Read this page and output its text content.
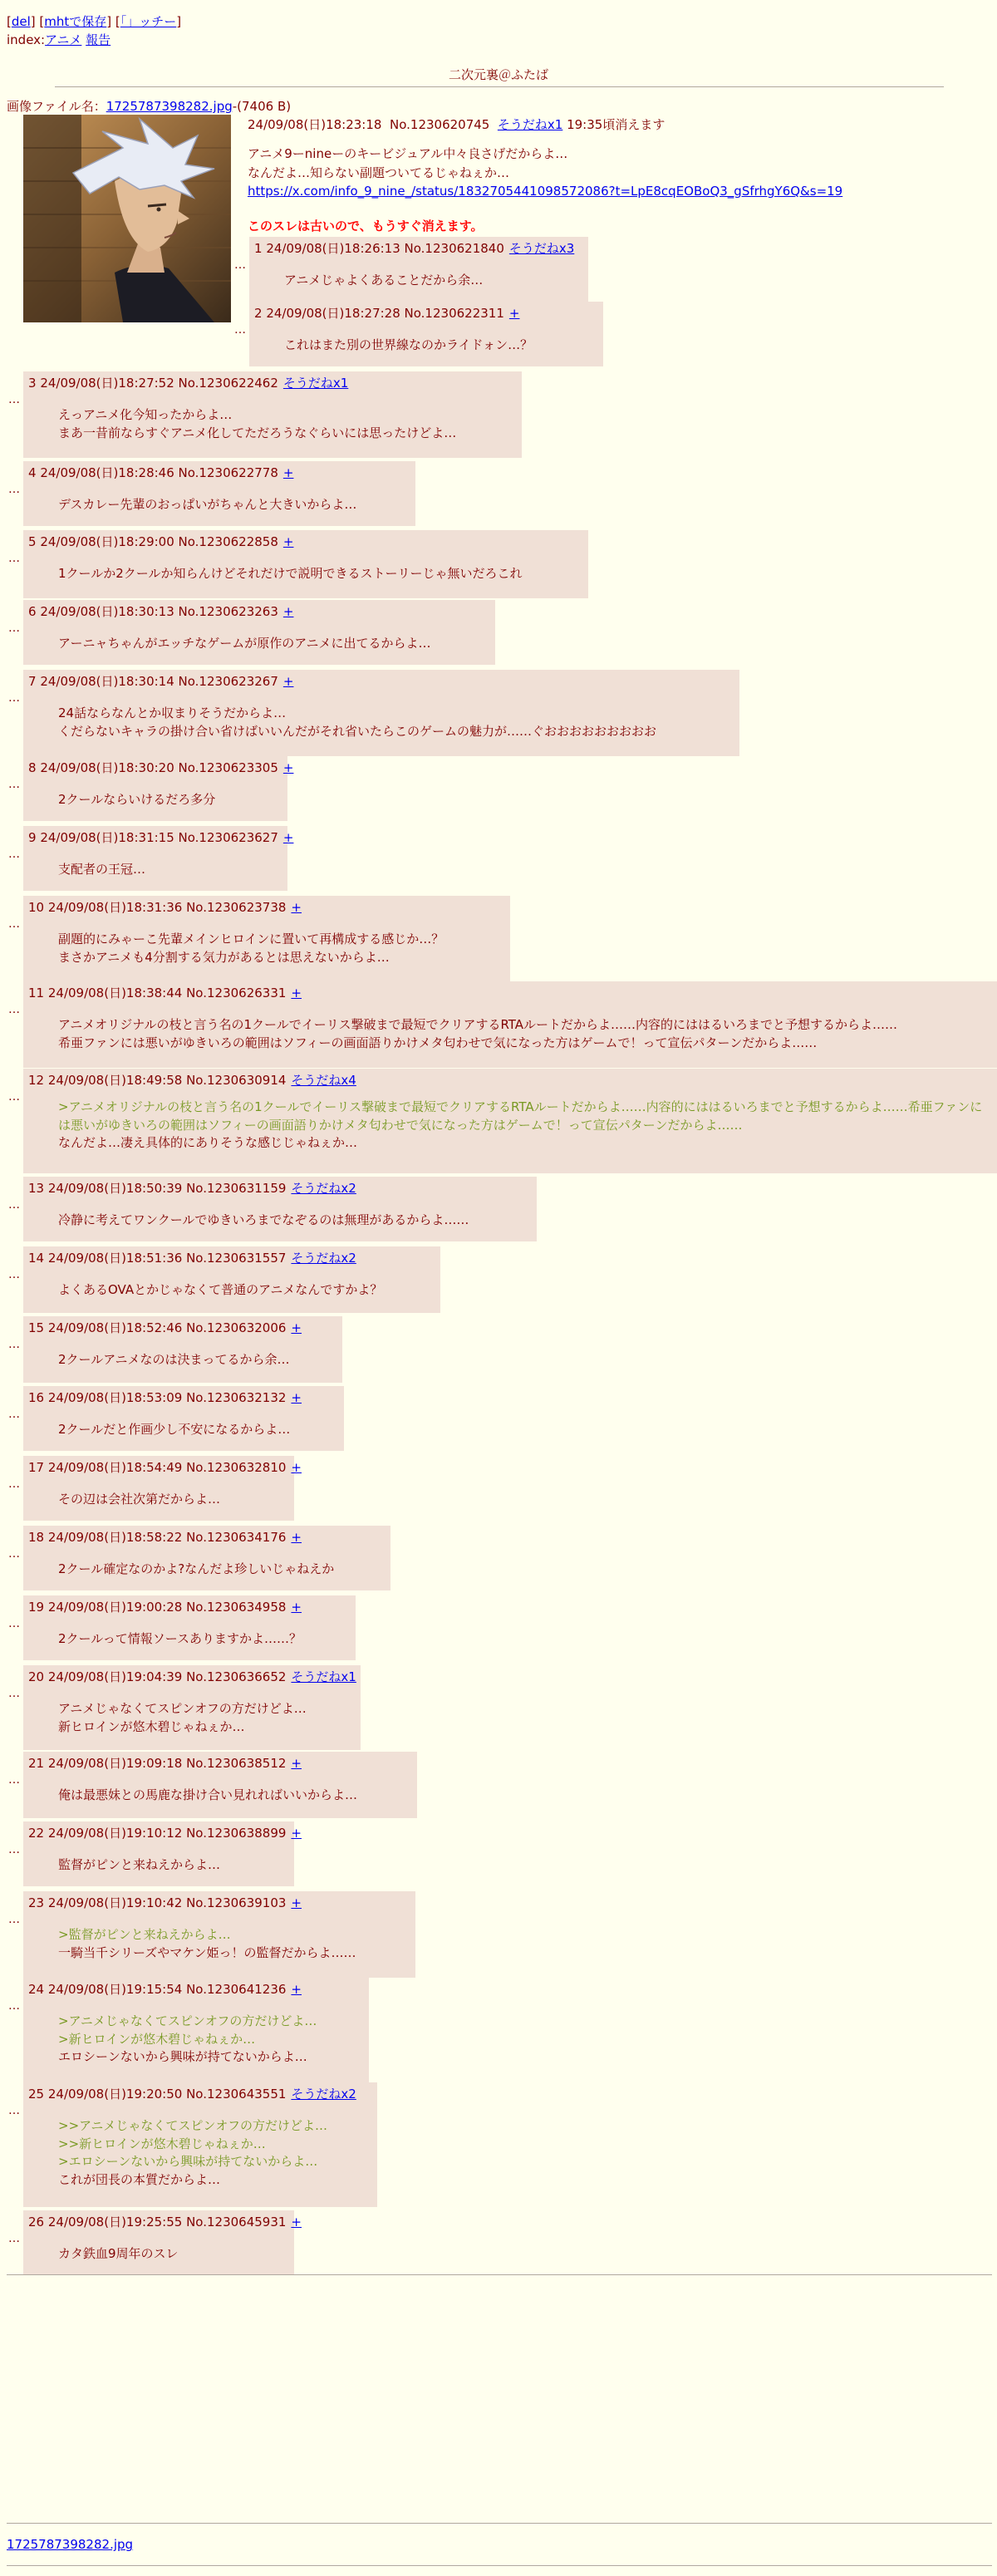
[del] [mhtで保存] [「」ッチー]
index:アニメ 報告
二次元裏＠ふたば
画像ファイル名：1725787398282.jpg-(7406 B)
24/09/08(日)18:23:18 No.1230620745 そうだねx1 19:35頃消えます
アニメ9ーnineーのキービジュアル中々良さげだからよ…
なんだよ…知らない副題ついてるじゃねぇか…
https://x.com/info_9_nine_/status/1832705441098572086?t=LpE8cqEOBoQ3_gSfrhgY6Q&s=19
このスレは古いので、もうすぐ消えます。
1 24/09/08(日)18:26:13 No.1230621840 そうだねx3
アニメじゃよくあることだから余…
…
2 24/09/08(日)18:27:28 No.1230622311 +
これはまた別の世界線なのかライドォン…？
…
3 24/09/08(日)18:27:52 No.1230622462 そうだねx1
えっアニメ化今知ったからよ…
まあ一昔前ならすぐアニメ化してただろうなぐらいには思ったけどよ…
…
4 24/09/08(日)18:28:46 No.1230622778 +
デスカレー先輩のおっぱいがちゃんと大きいからよ…
…
5 24/09/08(日)18:29:00 No.1230622858 +
1クールか2クールか知らんけどそれだけで説明できるストーリーじゃ無いだろこれ
…
6 24/09/08(日)18:30:13 No.1230623263 +
アーニャちゃんがエッチなゲームが原作のアニメに出てるからよ…
…
7 24/09/08(日)18:30:14 No.1230623267 +
24話ならなんとか収まりそうだからよ…
くだらないキャラの掛け合い省けばいいんだがそれ省いたらこのゲームの魅力が……ぐおおおおおおおおお
…
8 24/09/08(日)18:30:20 No.1230623305 +
2クールならいけるだろ多分
…
9 24/09/08(日)18:31:15 No.1230623627 +
支配者の王冠…
…
10 24/09/08(日)18:31:36 No.1230623738 +
副題的にみゃーこ先輩メインヒロインに置いて再構成する感じか…？
まさかアニメも4分割する気力があるとは思えないからよ…
…
11 24/09/08(日)18:38:44 No.1230626331 +
アニメオリジナルの枝と言う名の1クールでイーリス撃破まで最短でクリアするRTAルートだからよ……内容的にははるいろまでと予想するからよ……
希亜ファンには悪いがゆきいろの範囲はソフィーの画面語りかけメタ匂わせで気になった方はゲームで！って宣伝パターンだからよ……
…
12 24/09/08(日)18:49:58 No.1230630914 そうだねx4
>アニメオリジナルの枝と言う名の1クールでイーリス撃破まで最短でクリアするRTAルートだからよ……内容的にははるいろまでと予想するからよ……希亜ファンには悪いがゆきいろの範囲はソフィーの画面語りかけメタ匂わせで気になった方はゲームで！って宣伝パターンだからよ……
なんだよ…凄え具体的にありそうな感じじゃねぇか…
…
13 24/09/08(日)18:50:39 No.1230631159 そうだねx2
冷静に考えてワンクールでゆきいろまでなぞるのは無理があるからよ……
…
14 24/09/08(日)18:51:36 No.1230631557 そうだねx2
よくあるOVAとかじゃなくて普通のアニメなんですかよ？
…
15 24/09/08(日)18:52:46 No.1230632006 +
2クールアニメなのは決まってるから余…
…
16 24/09/08(日)18:53:09 No.1230632132 +
2クールだと作画少し不安になるからよ…
…
17 24/09/08(日)18:54:49 No.1230632810 +
その辺は会社次第だからよ…
…
18 24/09/08(日)18:58:22 No.1230634176 +
2クール確定なのかよ?なんだよ珍しいじゃねえか
…
19 24/09/08(日)19:00:28 No.1230634958 +
2クールって情報ソースありますかよ……？
…
20 24/09/08(日)19:04:39 No.1230636652 そうだねx1
アニメじゃなくてスピンオフの方だけどよ…
新ヒロインが悠木碧じゃねぇか…
…
21 24/09/08(日)19:09:18 No.1230638512 +
俺は最悪妹との馬鹿な掛け合い見れればいいからよ…
…
22 24/09/08(日)19:10:12 No.1230638899 +
監督がピンと来ねえからよ…
…
23 24/09/08(日)19:10:42 No.1230639103 +
>監督がピンと来ねえからよ…
一騎当千シリーズやマケン姫っ！の監督だからよ……
…
24 24/09/08(日)19:15:54 No.1230641236 +
>アニメじゃなくてスピンオフの方だけどよ…
>新ヒロインが悠木碧じゃねぇか…
エロシーンないから興味が持てないからよ…
…
25 24/09/08(日)19:20:50 No.1230643551 そうだねx2
>>アニメじゃなくてスピンオフの方だけどよ…
>>新ヒロインが悠木碧じゃねぇか…
>エロシーンないから興味が持てないからよ…
これが団長の本質だからよ…
…
26 24/09/08(日)19:25:55 No.1230645931 +
カタ鉄血9周年のスレ
…
1725787398282.jpg
